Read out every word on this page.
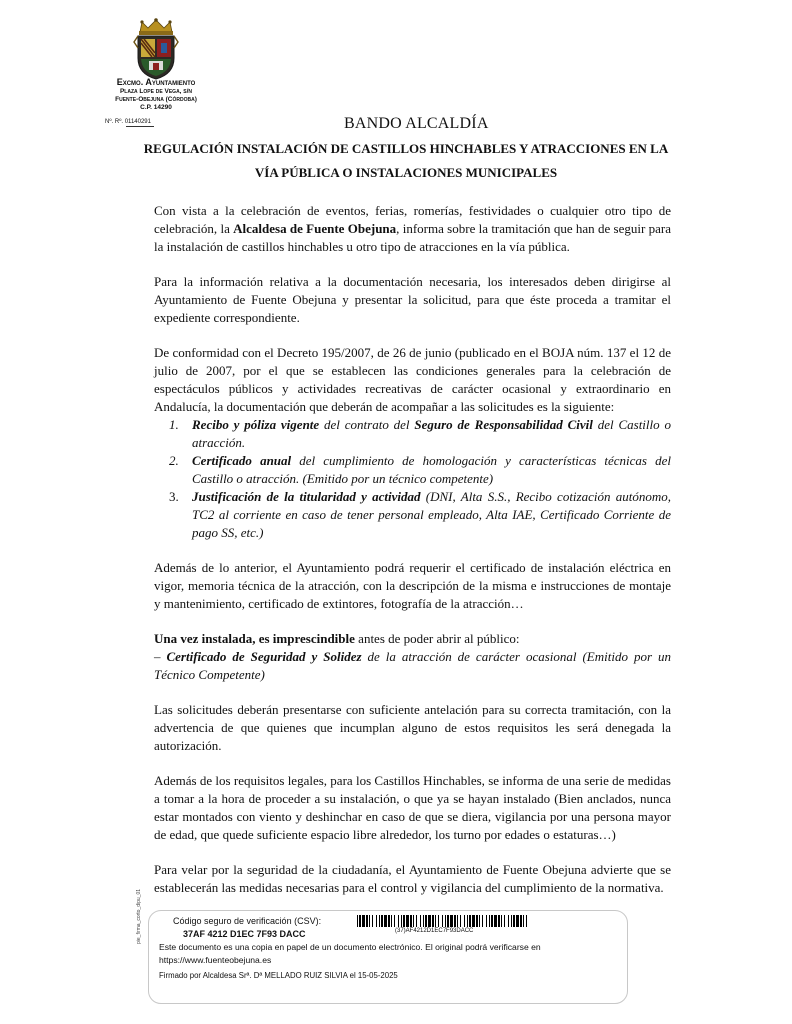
Excmo. Ayuntamiento
Plaza Lope de Vega, s/n
Fuente-Obejuna (Córdoba)
C.P. 14290
Nº. Rº. 01140291	BANDO ALCALDÍA
REGULACIÓN INSTALACIÓN DE CASTILLOS HINCHABLES Y ATRACCIONES EN LA VÍA PÚBLICA O INSTALACIONES MUNICIPALES

Con vista a la celebración de eventos, ferias, romerías, festividades o cualquier otro tipo de celebración, la Alcaldesa de Fuente Obejuna, informa sobre la tramitación que han de seguir para la instalación de castillos hinchables u otro tipo de atracciones en la vía pública.

Para la información relativa a la documentación necesaria, los interesados deben dirigirse al Ayuntamiento de Fuente Obejuna y presentar la solicitud, para que éste proceda a tramitar el expediente correspondiente.

De conformidad con el Decreto 195/2007, de 26 de junio (publicado en el BOJA núm. 137 el 12 de julio de 2007, por el que se establecen las condiciones generales para la celebración de espectáculos públicos y actividades recreativas de carácter ocasional y extraordinario en Andalucía, la documentación que deberán de acompañar a las solicitudes es la siguiente:

1. Recibo y póliza vigente del contrato del Seguro de Responsabilidad Civil del Castillo o atracción.
2. Certificado anual del cumplimiento de homologación y características técnicas del Castillo o atracción. (Emitido por un técnico competente)
3. Justificación de la titularidad y actividad (DNI, Alta S.S., Recibo cotización autónomo, TC2 al corriente en caso de tener personal empleado, Alta IAE, Certificado Corriente de pago SS, etc.)

Además de lo anterior, el Ayuntamiento podrá requerir el certificado de instalación eléctrica en vigor, memoria técnica de la atracción, con la descripción de la misma e instrucciones de montaje y mantenimiento, certificado de extintores, fotografía de la atracción…

Una vez instalada, es imprescindible antes de poder abrir al público:
– Certificado de Seguridad y Solidez de la atracción de carácter ocasional (Emitido por un Técnico Competente)

Las solicitudes deberán presentarse con suficiente antelación para su correcta tramitación, con la advertencia de que quienes que incumplan alguno de estos requisitos les será denegada la autorización.

Además de los requisitos legales, para los Castillos Hinchables, se informa de una serie de medidas a tomar a la hora de proceder a su instalación, o que ya se hayan instalado (Bien anclados, nunca estar montados con viento y deshinchar en caso de que se diera, vigilancia por una persona mayor de edad, que quede suficiente espacio libre alrededor, los turno por edades o estaturas…)

Para velar por la seguridad de la ciudadanía, el Ayuntamiento de Fuente Obejuna advierte que se establecerán las medidas necesarias para el control y vigilancia del cumplimiento de la normativa.

Código seguro de verificación (CSV):
37AF 4212 D1EC 7F93 DACC	(37)AF4212D1EC7F93DACC
Este documento es una copia en papel de un documento electrónico. El original podrá verificarse en
https://www.fuenteobejuna.es
Firmado por Alcaldesa Srª. Dª MELLADO RUIZ SILVIA el 15-05-2025
pie_firma_corto_dipu_01
